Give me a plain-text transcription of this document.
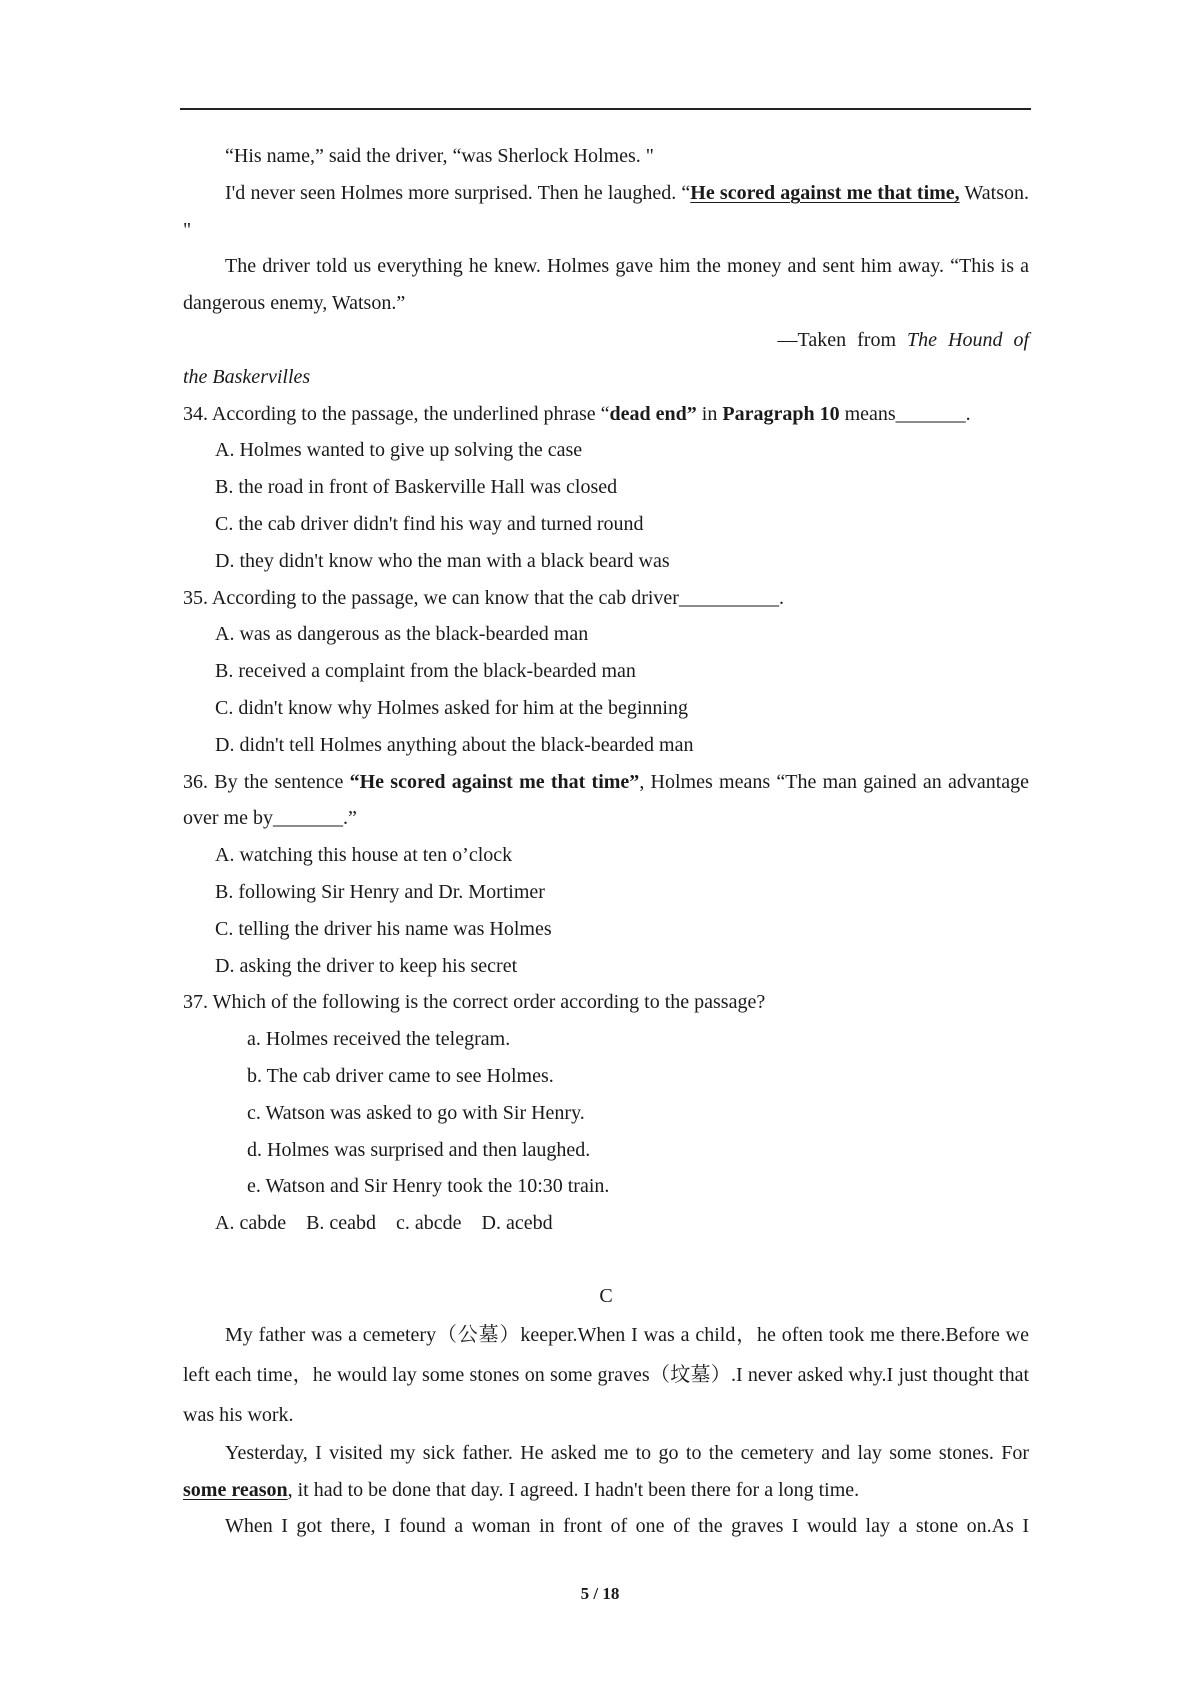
“His name,” said the driver, “was Sherlock Holmes. "

I'd never seen Holmes more surprised. Then he laughed. “He scored against me that time, Watson. "

The driver told us everything he knew. Holmes gave him the money and sent him away. “This is a dangerous enemy, Watson.”

—Taken from The Hound of

the Baskervilles

34. According to the passage, the underlined phrase “dead end” in Paragraph 10 means_______.

A. Holmes wanted to give up solving the case

B. the road in front of Baskerville Hall was closed

C. the cab driver didn't find his way and turned round

D. they didn't know who the man with a black beard was

35. According to the passage, we can know that the cab driver__________.

A. was as dangerous as the black-bearded man

B. received a complaint from the black-bearded man

C. didn't know why Holmes asked for him at the beginning

D. didn't tell Holmes anything about the black-bearded man

36. By the sentence “He scored against me that time”, Holmes means “The man gained an advantage over me by_______.”

A. watching this house at ten o’clock

B. following Sir Henry and Dr. Mortimer

C. telling the driver his name was Holmes

D. asking the driver to keep his secret

37. Which of the following is the correct order according to the passage?

a. Holmes received the telegram.

b. The cab driver came to see Holmes.

c. Watson was asked to go with Sir Henry.

d. Holmes was surprised and then laughed.

e. Watson and Sir Henry took the 10:30 train.

A. cabde    B. ceabd    c. abcde    D. acebd

C

My father was a cemetery（公墓）keeper.When I was a child，he often took me there.Before we left each time，he would lay some stones on some graves（坟墓）.I never asked why.I just thought that was his work.

Yesterday, I visited my sick father. He asked me to go to the cemetery and lay some stones. For some reason, it had to be done that day. I agreed. I hadn't been there for a long time.

When I got there, I found a woman in front of one of the graves I would lay a stone on.As I

5 / 18
